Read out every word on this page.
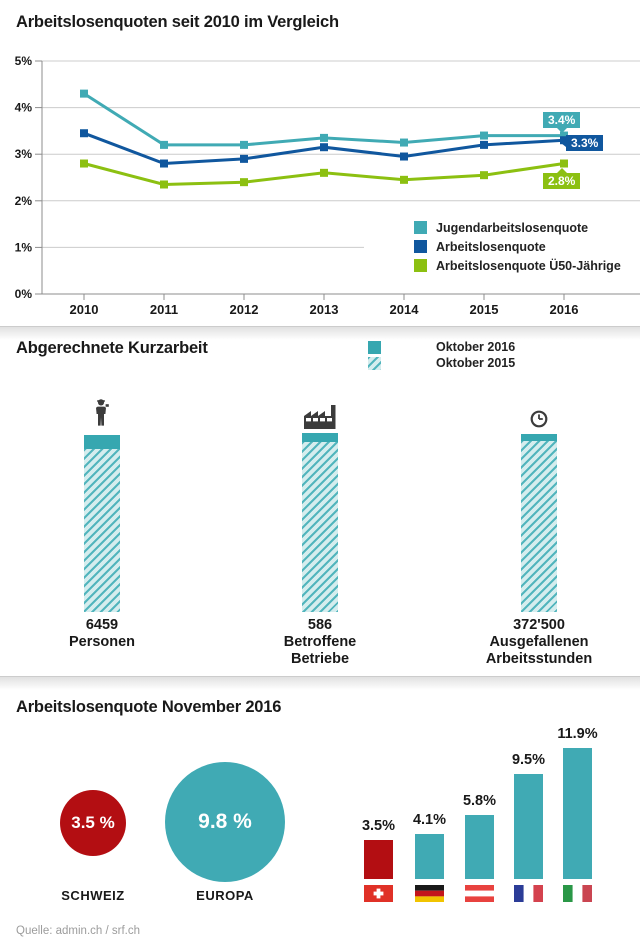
Arbeitslosenquoten seit 2010 im Vergleich
0%
1%
2%
3%
4%
5%
2010	2011	2012	2013	2014	2015	2016
Jugendarbeitslosenquote
Arbeitslosenquote
Arbeitslosenquote Ü50-Jährige
3.4%
3.3%
2.8%
Abgerechnete Kurzarbeit	Oktober 2016
Oktober 2015
6459
Personen
586
Betroffene
Betriebe
372'500
Ausgefallenen
Arbeitsstunden
Arbeitslosenquote November 2016
3.5 %	9.8 %
SCHWEIZ	EUROPA
3.5%	4.1%
5.8%
9.5%
11.9%
Quelle: admin.ch / srf.ch
